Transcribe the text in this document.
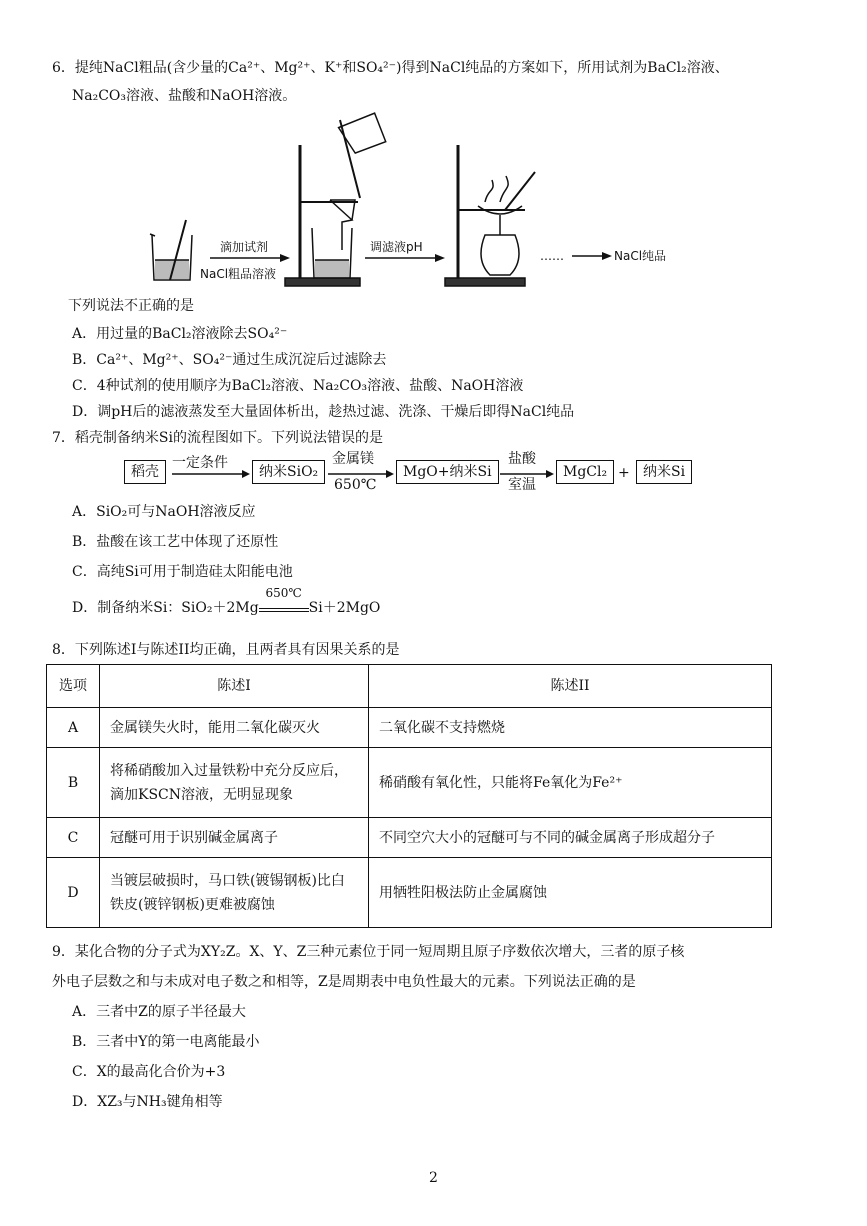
6．提纯NaCl粗品(含少量的Ca²⁺、Mg²⁺、K⁺和SO₄²⁻)得到NaCl纯品的方案如下，所用试剂为BaCl₂溶液、
Na₂CO₃溶液、盐酸和NaOH溶液。
滴加试剂
NaCl粗品溶液
调滤液pH
……	NaCl纯品
下列说法不正确的是
A．用过量的BaCl₂溶液除去SO₄²⁻
B．Ca²⁺、Mg²⁺、SO₄²⁻通过生成沉淀后过滤除去
C．4种试剂的使用顺序为BaCl₂溶液、Na₂CO₃溶液、盐酸、NaOH溶液
D．调pH后的滤液蒸发至大量固体析出，趁热过滤、洗涤、干燥后即得NaCl纯品
7．稻壳制备纳米Si的流程图如下。下列说法错误的是
稻壳
一定条件
纳米SiO₂
金属镁
650℃
MgO+纳米Si
盐酸
室温
MgCl₂ + 纳米Si
A．SiO₂可与NaOH溶液反应
B．盐酸在该工艺中体现了还原性
C．高纯Si可用于制造硅太阳能电池
D．制备纳米Si：SiO₂＋2Mg
650℃
Si＋2MgO
8．下列陈述I与陈述II均正确，且两者具有因果关系的是
选项	陈述I	陈述II
A	金属镁失火时，能用二氧化碳灭火	二氧化碳不支持燃烧
B	将稀硝酸加入过量铁粉中充分反应后，滴加KSCN溶液，无明显现象	稀硝酸有氧化性，只能将Fe氧化为Fe²⁺
C	冠醚可用于识别碱金属离子	不同空穴大小的冠醚可与不同的碱金属离子形成超分子
D	当镀层破损时，马口铁(镀锡钢板)比白铁皮(镀锌钢板)更难被腐蚀	用牺牲阳极法防止金属腐蚀
9．某化合物的分子式为XY₂Z。X、Y、Z三种元素位于同一短周期且原子序数依次增大，三者的原子核
外电子层数之和与未成对电子数之和相等，Z是周期表中电负性最大的元素。下列说法正确的是
A．三者中Z的原子半径最大
B．三者中Y的第一电离能最小
C．X的最高化合价为+3
D．XZ₃与NH₃键角相等
2
